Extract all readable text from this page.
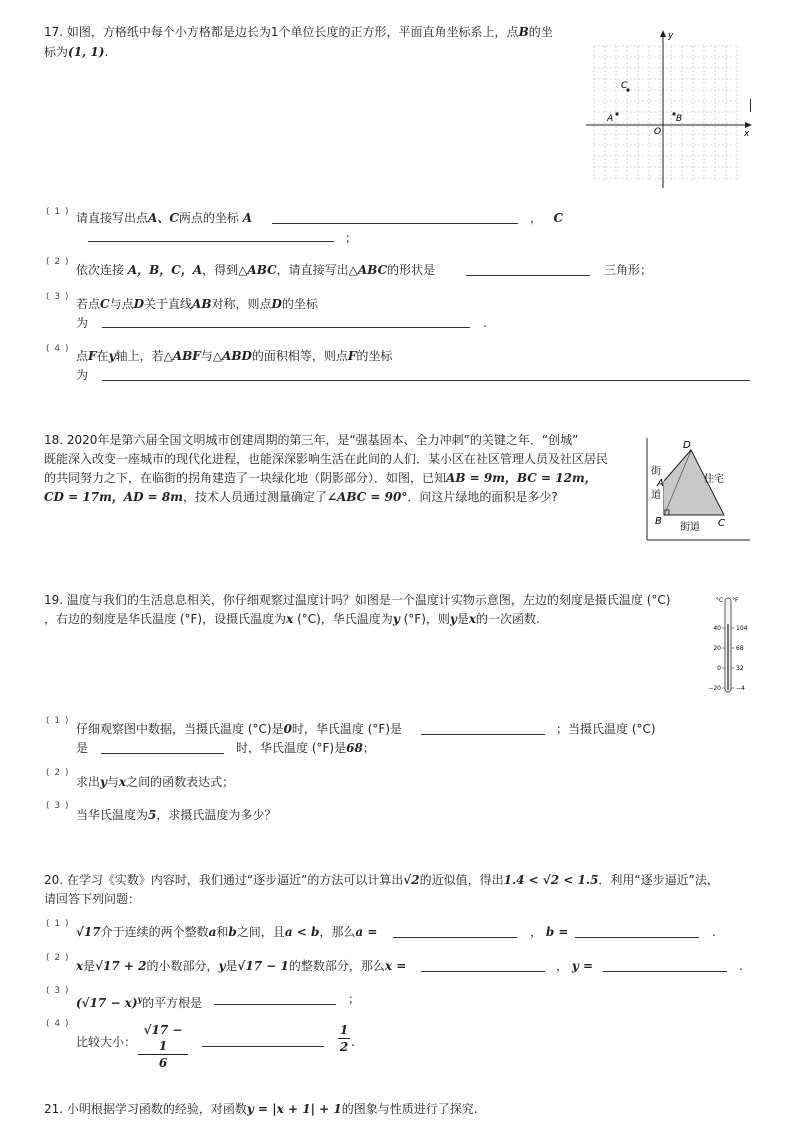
17. 如图，方格纸中每个小方格都是边长为1个单位长度的正方形，平面直角坐标系上，点B的坐
标为(1, 1).
y
x
O
A	B
C
( 1 ) 请直接写出点A、C两点的坐标 A	， C
；
( 2 )
依次连接 A，B，C，A，得到△ABC，请直接写出△ABC的形状是	三角形；
( 3 ) 若点C与点D关于直线AB对称，则点D的坐标
为	.
( 4 ) 点F在y轴上，若△ABF与△ABD的面积相等，则点F的坐标
为
18. 2020年是第六届全国文明城市创建周期的第三年，是“强基固本、全力冲刺”的关键之年．“创城”
既能深入改变一座城市的现代化进程，也能深深影响生活在此间的人们．某小区在社区管理人员及社区居民
的共同努力之下，在临街的拐角建造了一块绿化地（阴影部分）．如图，已知AB = 9m，BC = 12m，
CD = 17m，AD = 8m，技术人员通过测量确定了∠ABC = 90°．问这片绿地的面积是多少?
D
A
B	C
街
道
街道
住宅
19. 温度与我们的生活息息相关，你仔细观察过温度计吗？如图是一个温度计实物示意图，左边的刻度是摄氏温度 (°C)
，右边的刻度是华氏温度 (°F)，设摄氏温度为x (°C)，华氏温度为y (°F)，则y是x的一次函数.
°C °F
40
20
0
−20
104
68
32
−4
( 1 )
仔细观察图中数据，当摄氏温度 (°C)是0时，华氏温度 (°F)是	；当摄氏温度 (°C)
是	时，华氏温度 (°F)是68；
( 2 )
求出y与x之间的函数表达式；
( 3 )
当华氏温度为5，求摄氏温度为多少？
20. 在学习《实数》内容时，我们通过“逐步逼近”的方法可以计算出√2的近似值，得出1.4 < √2 < 1.5．利用“逐步逼近”法，
请回答下列问题：
( 1 )
√17介于连续的两个整数a和b之间，且a < b，那么a =	， b =	.
( 2 )
x是√17 + 2的小数部分，y是√17 − 1的整数部分，那么x =	， y =	.
( 3 )
$(√17 - x)^y$的平方根是	；
( 4 )
比较大小： $\frac{√17 - 1}{6}$	$\frac{1}{2}$ .
21. 小明根据学习函数的经验，对函数y = |x + 1| + 1的图象与性质进行了探究.
